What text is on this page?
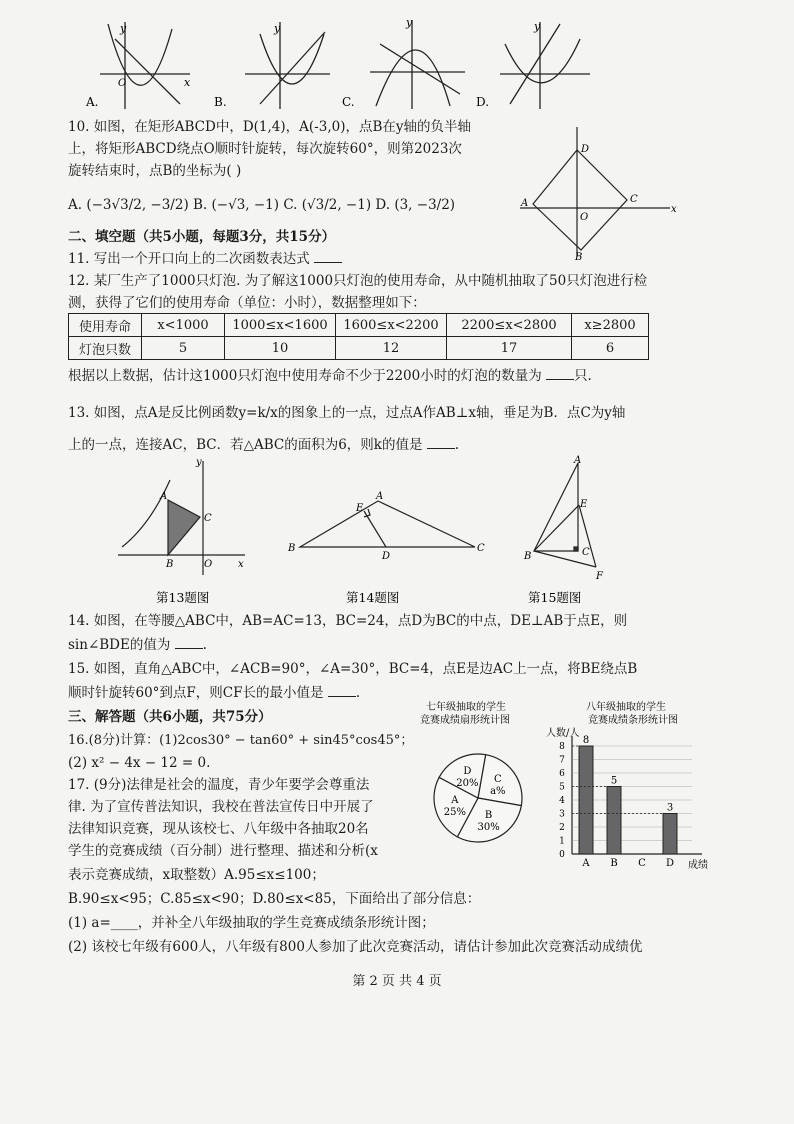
y
x
O
A.
y
B.
y
C.
y
D.
10. 如图，在矩形ABCD中，D(1,4)，A(-3,0)，点B在y轴的负半轴
上，将矩形ABCD绕点O顺时针旋转，每次旋转60°，则第2023次
旋转结束时，点B的坐标为( )
A. (−3√3/2, −3/2) B. (−√3, −1) C. (√3/2, −1) D. (3, −3/2)
D
A	C
O
B
x
二、填空题（共5小题，每题3分，共15分）
11. 写出一个开口向上的二次函数表达式
12. 某厂生产了1000只灯泡. 为了解这1000只灯泡的使用寿命，从中随机抽取了50只灯泡进行检
测，获得了它们的使用寿命（单位：小时），数据整理如下：
使用寿命	x<1000	1000≤x<1600	1600≤x<2200	2200≤x<2800	x≥2800
灯泡只数	5	10	12	17	6
根据以上数据，估计这1000只灯泡中使用寿命不少于2200小时的灯泡的数量为 只.
13. 如图，点A是反比例函数y=k/x的图象上的一点，过点A作AB⊥x轴，垂足为B．点C为y轴
上的一点，连接AC，BC．若△ABC的面积为6，则k的值是 .
A
C
B	O	x
y
第13题图
A
E
B
D
C
第14题图
A
E
B	C
F
第15题图
14. 如图，在等腰△ABC中，AB=AC=13，BC=24，点D为BC的中点，DE⊥AB于点E，则
sin∠BDE的值为 .
15. 如图，直角△ABC中，∠ACB=90°，∠A=30°，BC=4，点E是边AC上一点，将BE绕点B
顺时针旋转60°到点F，则CF长的最小值是 .
三、解答题（共6小题，共75分）
16.(8分)计算：(1)2cos30° − tan60° + sin45°cos45°；
(2) x² − 4x − 12 = 0.
17. (9分)法律是社会的温度，青少年要学会尊重法
律. 为了宣传普法知识，我校在普法宣传日中开展了
法律知识竞赛，现从该校七、八年级中各抽取20名
学生的竞赛成绩（百分制）进行整理、描述和分析(x
表示竞赛成绩，x取整数）A.95≤x≤100；
B.90≤x<95；C.85≤x<90；D.80≤x<85，下面给出了部分信息：
(1) a=____，并补全八年级抽取的学生竞赛成绩条形统计图；
(2) 该校七年级有600人，八年级有800人参加了此次竞赛活动，请估计参加此次竞赛活动成绩优
七年级抽取的学生
竞赛成绩扇形统计图
C
a%
B
30%
A
25%
D
20%
八年级抽取的学生
竞赛成绩条形统计图
人数/人
成绩
0
1
2
3
4
5
6
7
8
8
A
5
B C
3
D
第 2 页 共 4 页
